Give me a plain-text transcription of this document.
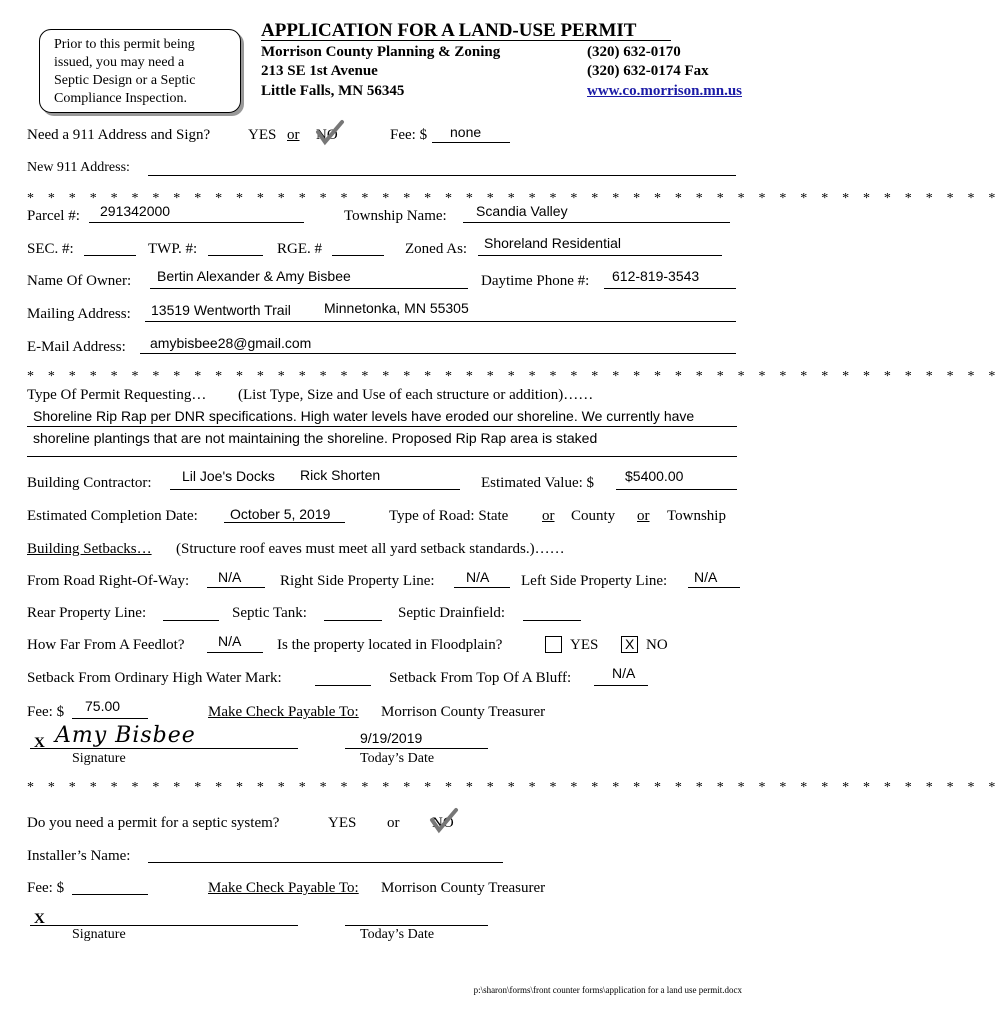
Prior to this permit being
issued, you may need a
Septic Design or a Septic
Compliance Inspection.
APPLICATION FOR A LAND-USE PERMIT
Morrison County Planning & Zoning
213 SE 1st Avenue
Little Falls, MN 56345
(320) 632-0170
(320) 632-0174 Fax
www.co.morrison.mn.us
Need a 911 Address and Sign?	YES or NO	Fee: $ none
New 911 Address:
* * * * * * * * * * * * * * * * * * * * * * * * * * * * * * * * * * * * * * * * * * * * * * *
Parcel #: 291342000	Township Name: Scandia Valley
SEC. #:	TWP. #:	RGE. #	Zoned As: Shoreland Residential
Name Of Owner: Bertin Alexander & Amy Bisbee	Daytime Phone #: 612-819-3543
Mailing Address: 13519 Wentworth Trail Minnetonka, MN 55305
E-Mail Address: amybisbee28@gmail.com
* * * * * * * * * * * * * * * * * * * * * * * * * * * * * * * * * * * * * * * * * * * * * * *
Type Of Permit Requesting… (List Type, Size and Use of each structure or addition)……
Shoreline Rip Rap per DNR specifications. High water levels have eroded our shoreline. We currently have
shoreline plantings that are not maintaining the shoreline. Proposed Rip Rap area is staked
Building Contractor: Lil Joe's Docks Rick Shorten	Estimated Value: $ $5400.00
Estimated Completion Date: October 5, 2019	Type of Road: State or County or Township
Building Setbacks… (Structure roof eaves must meet all yard setback standards.)……
From Road Right-Of-Way: N/A	Right Side Property Line: N/A Left Side Property Line: N/A
Rear Property Line:	Septic Tank:	Septic Drainfield:
How Far From A Feedlot? N/A Is the property located in Floodplain?	YES X NO
Setback From Ordinary High Water Mark:	Setback From Top Of A Bluff:	N/A
Fee: $ 75.00	Make Check Payable To: Morrison County Treasurer
X Amy Bisbee
Signature
9/19/2019
Today’s Date
* * * * * * * * * * * * * * * * * * * * * * * * * * * * * * * * * * * * * * * * * * * * * * *
Do you need a permit for a septic system?	YES or NO
Installer’s Name:
Fee: $	Make Check Payable To: Morrison County Treasurer
X
Signature	Today’s Date
p:\sharon\forms\front counter forms\application for a land use permit.docx
